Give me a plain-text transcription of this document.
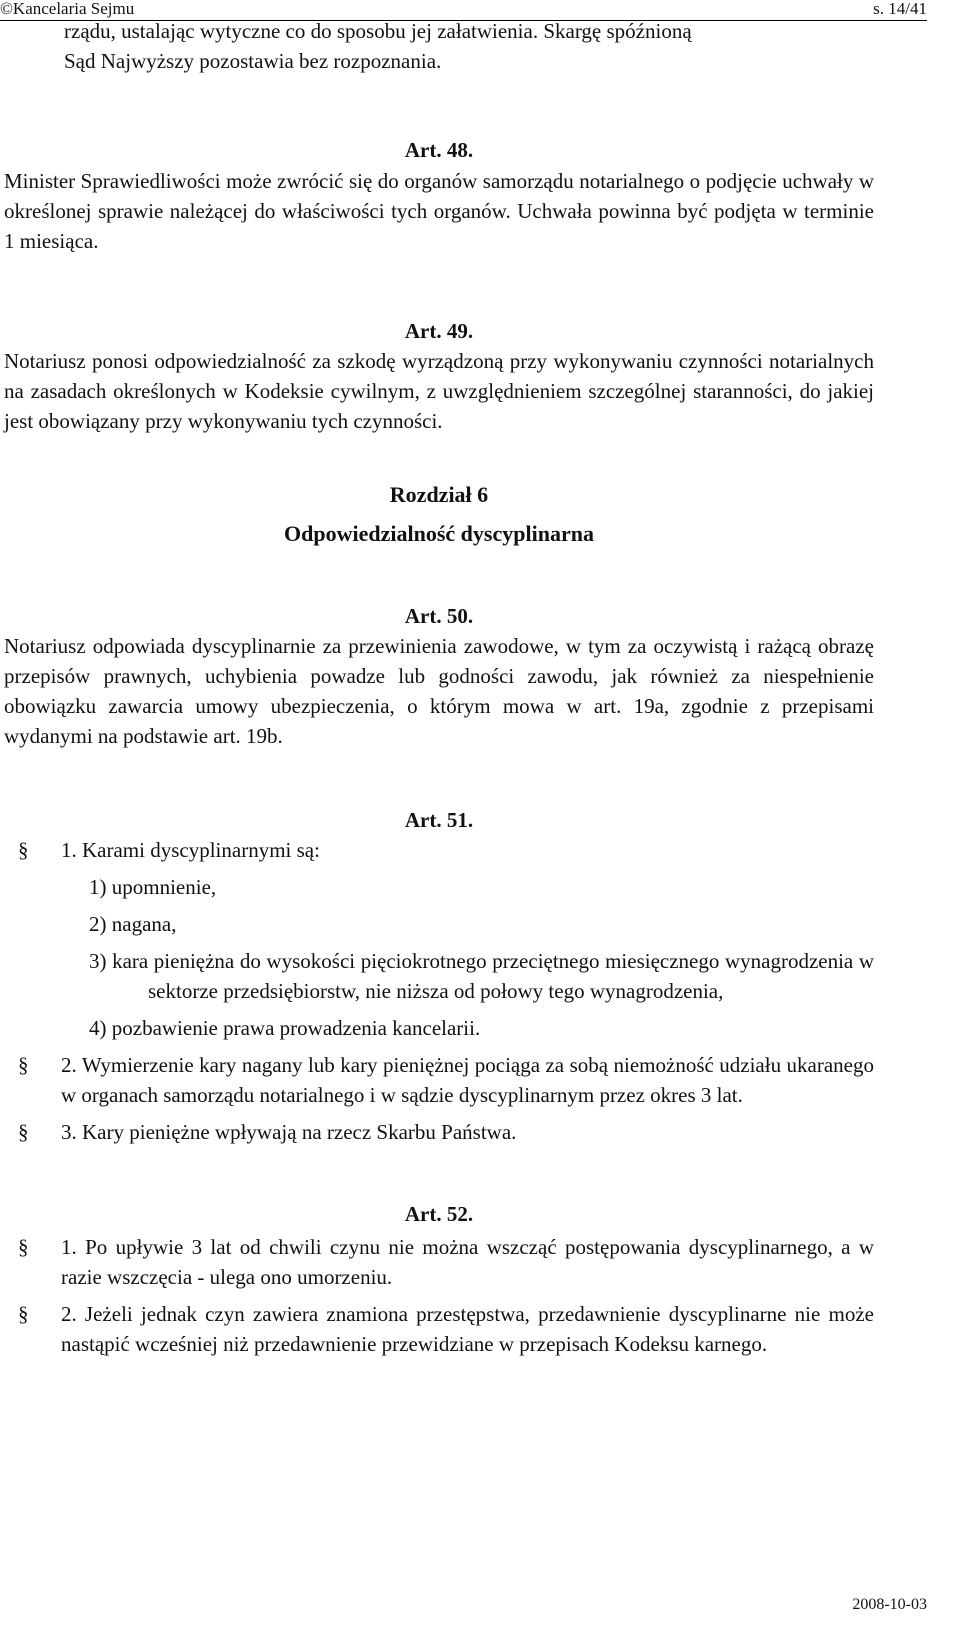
©Kancelaria Sejmu	s. 14/41

rządu, ustalając wytyczne co do sposobu jej załatwienia. Skargę spóźnioną

Sąd Najwyższy pozostawia bez rozpoznania.

Art. 48.

Minister Sprawiedliwości może zwrócić się do organów samorządu notarialnego o podjęcie uchwały w określonej sprawie należącej do właściwości tych organów. Uchwała powinna być podjęta w terminie 1 miesiąca.

Art. 49.

Notariusz ponosi odpowiedzialność za szkodę wyrządzoną przy wykonywaniu czynności notarialnych na zasadach określonych w Kodeksie cywilnym, z uwzględnieniem szczególnej staranności, do jakiej jest obowiązany przy wykonywaniu tych czynności.

Rozdział 6

Odpowiedzialność dyscyplinarna

Art. 50.

Notariusz odpowiada dyscyplinarnie za przewinienia zawodowe, w tym za oczywistą i rażącą obrazę przepisów prawnych, uchybienia powadze lub godności zawodu, jak również za niespełnienie obowiązku zawarcia umowy ubezpieczenia, o którym mowa w art. 19a, zgodnie z przepisami wydanymi na podstawie art. 19b.

Art. 51.

§ 1. Karami dyscyplinarnymi są:

1) upomnienie,

2) nagana,

3) kara pieniężna do wysokości pięciokrotnego przeciętnego miesięcznego wynagrodzenia w sektorze przedsiębiorstw, nie niższa od połowy tego wynagrodzenia,

4) pozbawienie prawa prowadzenia kancelarii.

§ 2. Wymierzenie kary nagany lub kary pieniężnej pociąga za sobą niemożność udziału ukaranego w organach samorządu notarialnego i w sądzie dyscyplinarnym przez okres 3 lat.

§ 3. Kary pieniężne wpływają na rzecz Skarbu Państwa.

Art. 52.

§ 1. Po upływie 3 lat od chwili czynu nie można wszcząć postępowania dyscyplinarnego, a w razie wszczęcia - ulega ono umorzeniu.

§ 2. Jeżeli jednak czyn zawiera znamiona przestępstwa, przedawnienie dyscyplinarne nie może nastąpić wcześniej niż przedawnienie przewidziane w przepisach Kodeksu karnego.

2008-10-03
